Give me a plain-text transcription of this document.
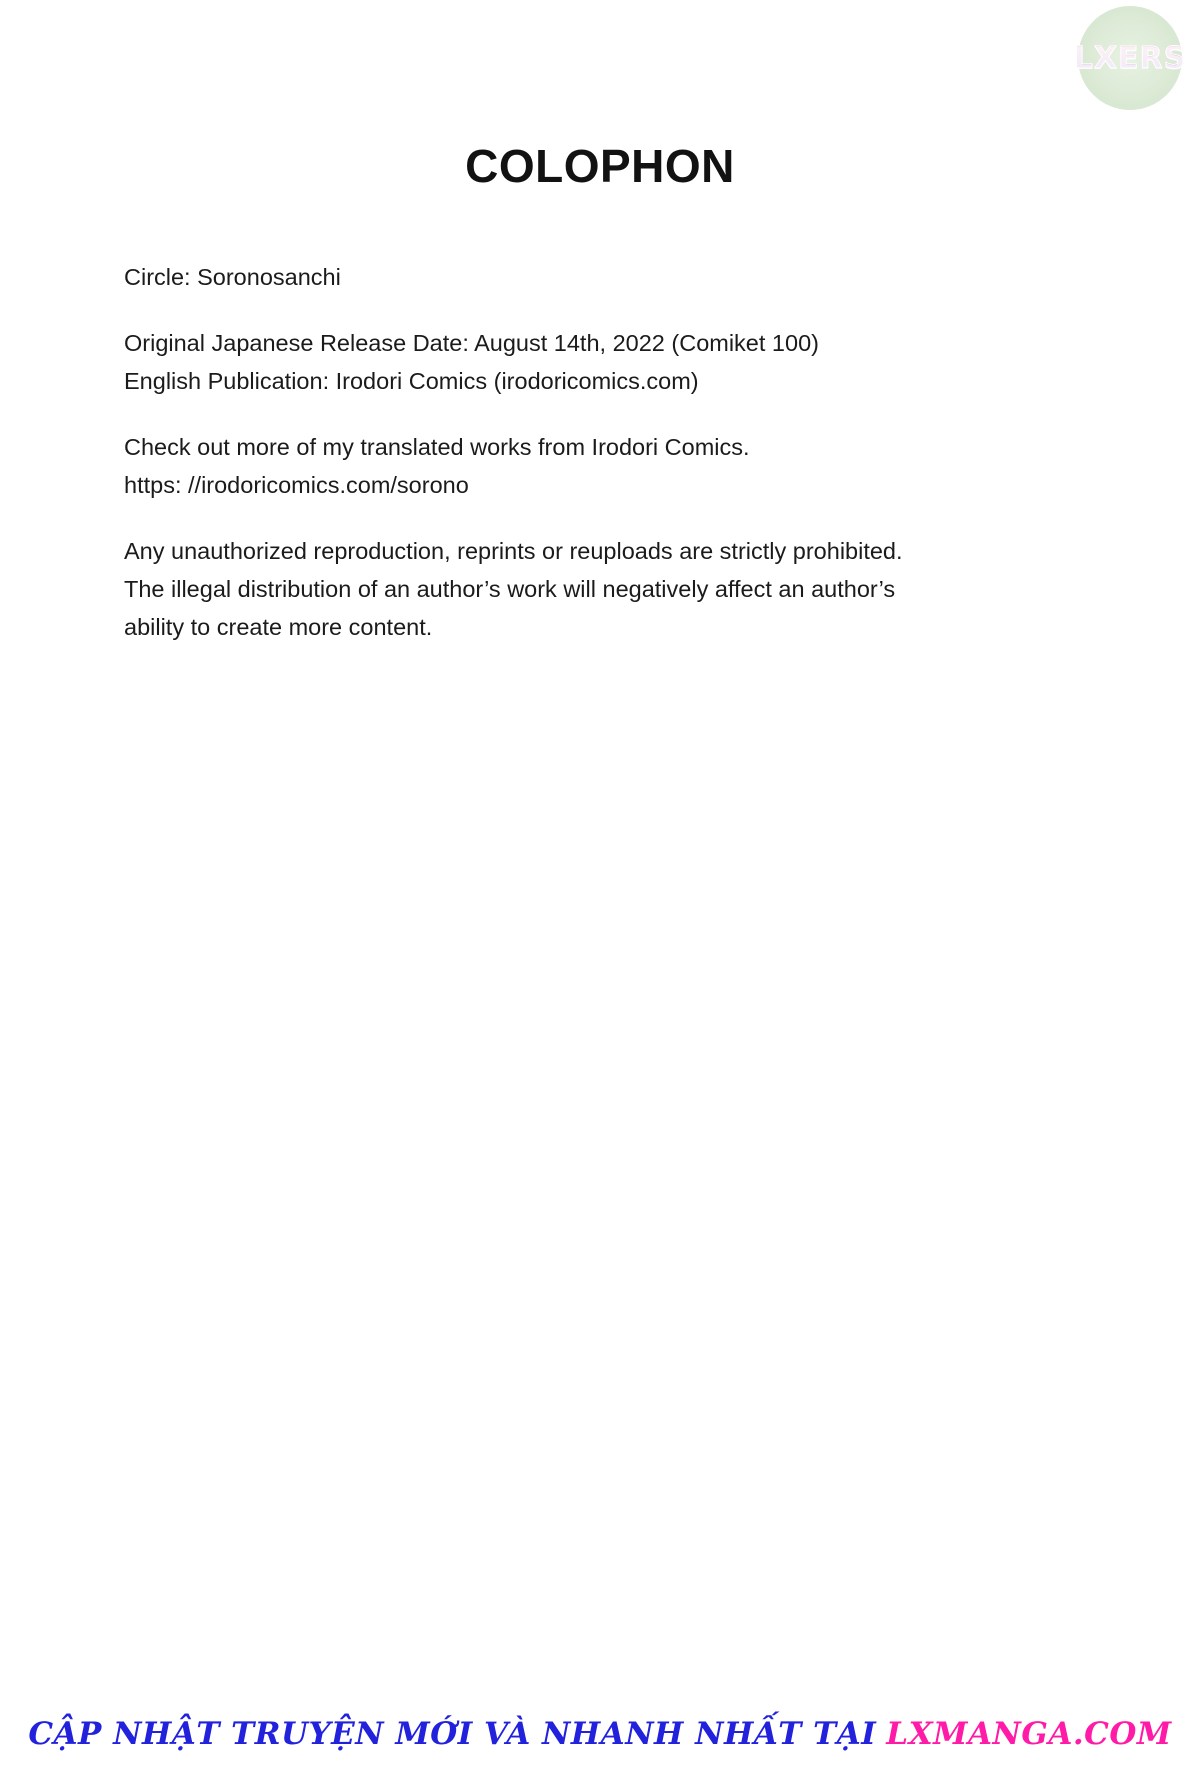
LXERS
COLOPHON

Circle: Soronosanchi

Original Japanese Release Date: August 14th, 2022 (Comiket 100)
English Publication: Irodori Comics (irodoricomics.com)

Check out more of my translated works from Irodori Comics.
https: //irodoricomics.com/sorono

Any unauthorized reproduction, reprints or reuploads are strictly prohibited.
The illegal distribution of an author’s work will negatively affect an author’s
ability to create more content.

CẬP NHẬT TRUYỆN MỚI VÀ NHANH NHẤT TẠI LXMANGA.COM
